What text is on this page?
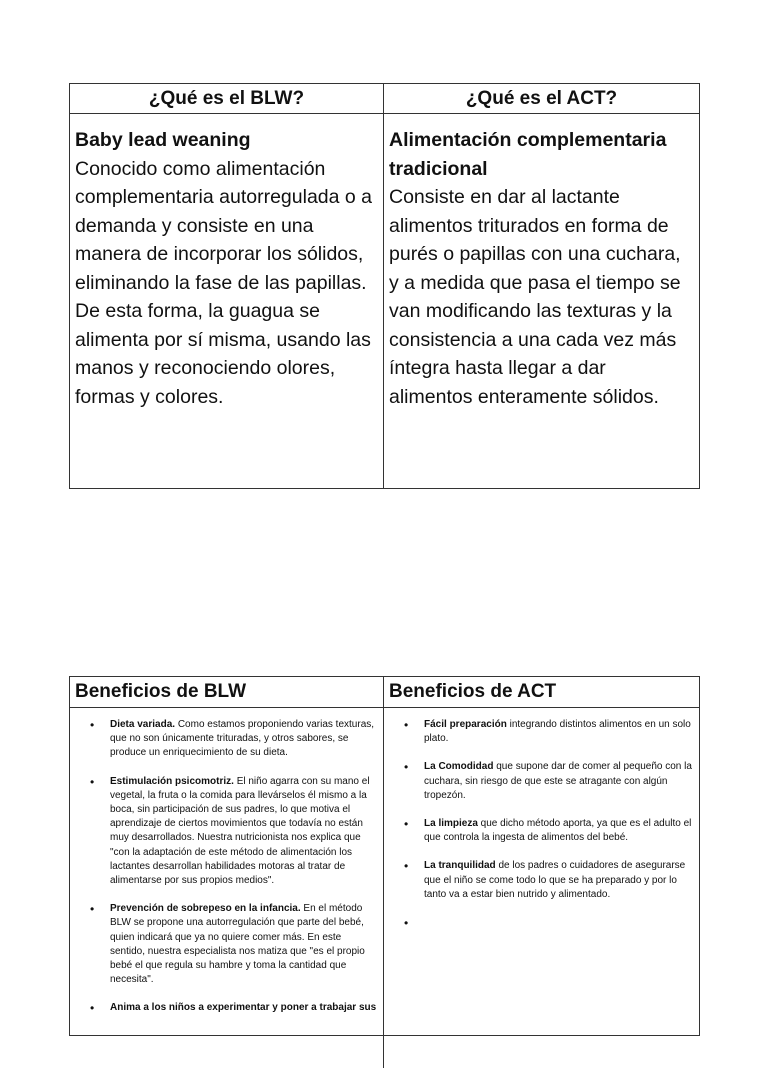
¿Qué es el BLW?	¿Qué es el ACT?
Baby lead weaning
Conocido como alimentación complementaria autorregulada o a demanda y consiste en una manera de incorporar los sólidos, eliminando la fase de las papillas. De esta forma, la guagua se alimenta por sí misma, usando las manos y reconociendo olores, formas y colores.
Alimentación complementaria tradicional
Consiste en dar al lactante alimentos triturados en forma de purés o papillas con una cuchara, y a medida que pasa el tiempo se van modificando las texturas y la consistencia a una cada vez más íntegra hasta llegar a dar alimentos enteramente sólidos.
Beneficios de BLW	Beneficios de ACT
• Dieta variada. Como estamos proponiendo varias texturas, que no son únicamente trituradas, y otros sabores, se produce un enriquecimiento de su dieta.
• Estimulación psicomotriz. El niño agarra con su mano el vegetal, la fruta o la comida para llevárselos él mismo a la boca, sin participación de sus padres, lo que motiva el aprendizaje de ciertos movimientos que todavía no están muy desarrollados. Nuestra nutricionista nos explica que "con la adaptación de este método de alimentación los lactantes desarrollan habilidades motoras al tratar de alimentarse por sus propios medios".
• Prevención de sobrepeso en la infancia. En el método BLW se propone una autorregulación que parte del bebé, quien indicará que ya no quiere comer más. En este sentido, nuestra especialista nos matiza que "es el propio bebé el que regula su hambre y toma la cantidad que necesita".
• Anima a los niños a experimentar y poner a trabajar sus
• Fácil preparación integrando distintos alimentos en un solo plato.
• La Comodidad que supone dar de comer al pequeño con la cuchara, sin riesgo de que este se atragante con algún tropezón.
• La limpieza que dicho método aporta, ya que es el adulto el que controla la ingesta de alimentos del bebé.
• La tranquilidad de los padres o cuidadores de asegurarse que el niño se come todo lo que se ha preparado y por lo tanto va a estar bien nutrido y alimentado.
